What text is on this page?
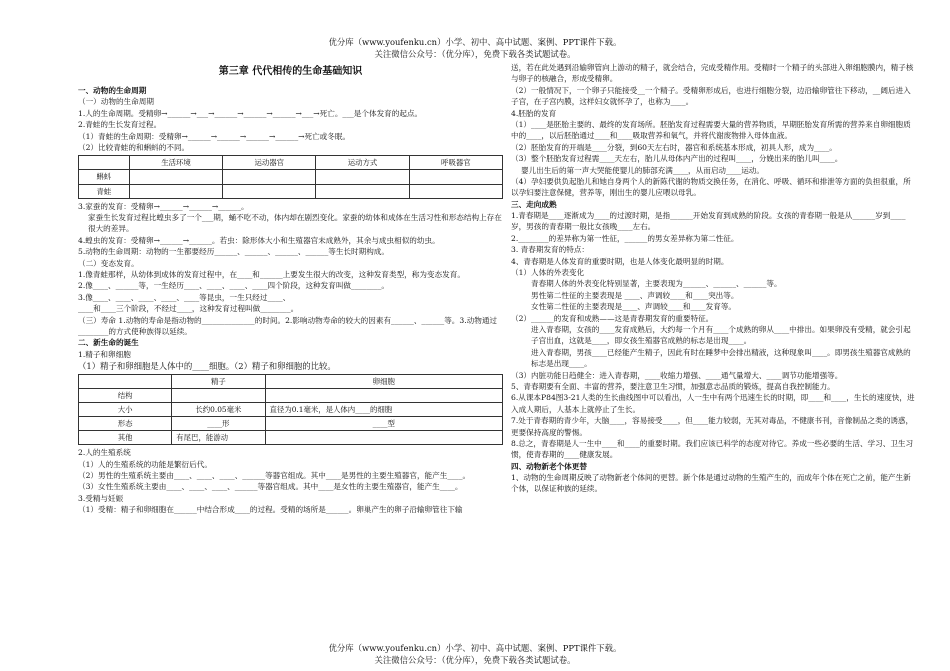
优分库（www.youfenku.cn）小学、初中、高中试题、案例、PPT课件下载。
关注微信公众号：（优分库），免费下载各类试题试卷。
第三章 代代相传的生命基础知识

一、动物的生命周期

（一）动物的生命周期

1.人的生命周期。受精卵→______→___→______→______→______→___→死亡。___是个体发育的起点。

2.青蛙的生长发育过程。

（1）青蛙的生命周期：受精卵→______→______→______→______→死亡或冬眠。

（2）比较青蛙的和蝌蚪的不同。

	生活环境	运动器官	运动方式	呼吸器官
蝌蚪				
青蛙				

3.家蚕的发育：受精卵→______→______→______。

家蚕生长发育过程比蝗虫多了一个___期，蛹不吃不动，体内却在剧烈变化。家蚕的幼体和成体在生活习性和形态结构上存在很大的差异。

4.蝗虫的发育：受精卵→______→______。若虫：除形体大小和生殖器官未成熟外，其余与成虫相似的幼虫。

5.动物的生命周期：动物的一生都要经历______、______、______、______等生长时期构成。

（二）变态发育。

1.像青蛙那样，从幼体到成体的发育过程中，在____和______上要发生很大的改变，这种发育类型，称为变态发育。

2.像____、______等，一生经历____、____、____、____四个阶段，这种发育叫做________。

3.像____、____、____、____、____等昆虫，一生只经过____、

____和____三个阶段，不经过____，这种发育过程叫做________。

（三）寿命 1.动物的寿命是指动物的______________的时间。2.影响动物寿命的较大的因素有______、______等。3.动物通过________的方式使种族得以延续。

二、新生命的诞生

1.精子和卵细胞

（1）精子和卵细胞是人体中的____细胞。（2）精子和卵细胞的比较。

	精子	卵细胞
结构		
大小	长约0.05毫米	直径为0.1毫米，是人体内____的细胞
形态	____形	____型
其他	有尾巴，能游动	

2.人的生殖系统

（1）人的生殖系统的功能是繁衍后代。

（2）男性的生殖系统主要由____、____、____、______等器官组成。其中____是男性的主要生殖器官，能产生____。

（3）女性生殖系统主要由____、____、____、______等器官组成。其中____是女性的主要生殖器官，能产生____。

3.受精与妊娠

（1）受精：精子和卵细胞在______中结合形成____的过程。受精的场所是______。卵巢产生的卵子沿输卵管往下输

送，若在此处遇到沿输卵管向上游动的精子，就会结合，完成受精作用。受精时一个精子的头部进入卵细胞膜内，精子核与卵子的核融合，形成受精卵。

（2）一般情况下，一个卵子只能接受__一个精子。受精卵形成后，也进行细胞分裂，边沿输卵管往下移动，__阔后进入子宫，在子宫内膜，这样妇女就怀孕了，也称为____。

4.胚胎的发育

（1）____是胚胎主要的、最终的发育场所。胚胎发育过程需要大量的营养物质，早期胚胎发育所需的营养来自卵细胞质中的____，以后胚胎通过____和____吸取营养和氧气，并将代谢废物排入母体血液。

（2）胚胎发育的开端是____分裂，到60天左右时，器官和系统基本形成，初具人形，成为____。

（3）整个胚胎发育过程需____天左右，胎儿从母体内产出的过程叫____，分娩出来的胎儿叫____。

婴儿出生后的第一声大哭能使婴儿的肺部充满____，从而启动____运动。

（4）孕妇要供负起胎儿和她自身两个人的新陈代谢的物质交换任务，在消化、呼吸、循环和排泄等方面的负担很重，所以孕妇要注意保健，营养等，刚出生的婴儿应喂以母乳。

三、走向成熟

1.青春期是____逐渐成为____的过渡时期，是指______开始发育到成熟的阶段。女孩的青春期一般是从______岁到____岁，男孩的青春期一般比女孩晚____左右。

2.________的差异称为第一性征，______的男女差异称为第二性征。

3. 青春期发育的特点：

4、青春期是人体发育的重要时期，也是人体变化最明显的时期。

（1）人体的外表变化

青春期人体的外表变化特别显著，主要表现为______、______、______等。

男性第二性征的主要表现是 ____、声调较____和____突出等。

女性第二性征的主要表现是____、声调较____和____发育等。

（2）______的发育和成熟——这是青春期发育的重要特征。

进入青春期，女孩的____发育成熟后，大约每一个月有____个成熟的卵从____中排出。如果卵没有受精，就会引起子宫出血，这就是____，即女孩生殖器官成熟的标志是出现____。

进入青春期，男孩____已经能产生精子，因此有时在睡梦中会排出精液，这种现象叫____。即男孩生殖器官成熟的标志是出现____。

（3）内脏功能日趋健全：进入青春期，____收缩力增强、____通气量增大、____调节功能增强等。

5、青春期要有全面、丰富的营养，要注意卫生习惯，加强意志品质的锻炼，提高自我控制能力。

6.从课本P84图3-21人类的生长曲线图中可以看出，人一生中有两个迅速生长的时期，即____和____，生长的速度快，进入成人期后，人基本上就停止了生长。

7.处于青春期的青少年，大脑____，容易接受____，但____能力较弱，无其对毒品，不健康书刊，音像制品之类的诱惑，更要保持高度的警惕。

8.总之，青春期是人一生中____和____的重要时期。我们应该已科学的态度对待它。养成一些必要的生活、学习、卫生习惯，使青春期的____健康发展。

四、动物新老个体更替

1、动物的生命周期反映了动物新老个体间的更替。新个体是通过动物的生殖产生的，而成年个体在死亡之前，能产生新个体，以保证种族的延续。

优分库（www.youfenku.cn）小学、初中、高中试题、案例、PPT课件下载。
关注微信公众号：（优分库），免费下载各类试题试卷。
